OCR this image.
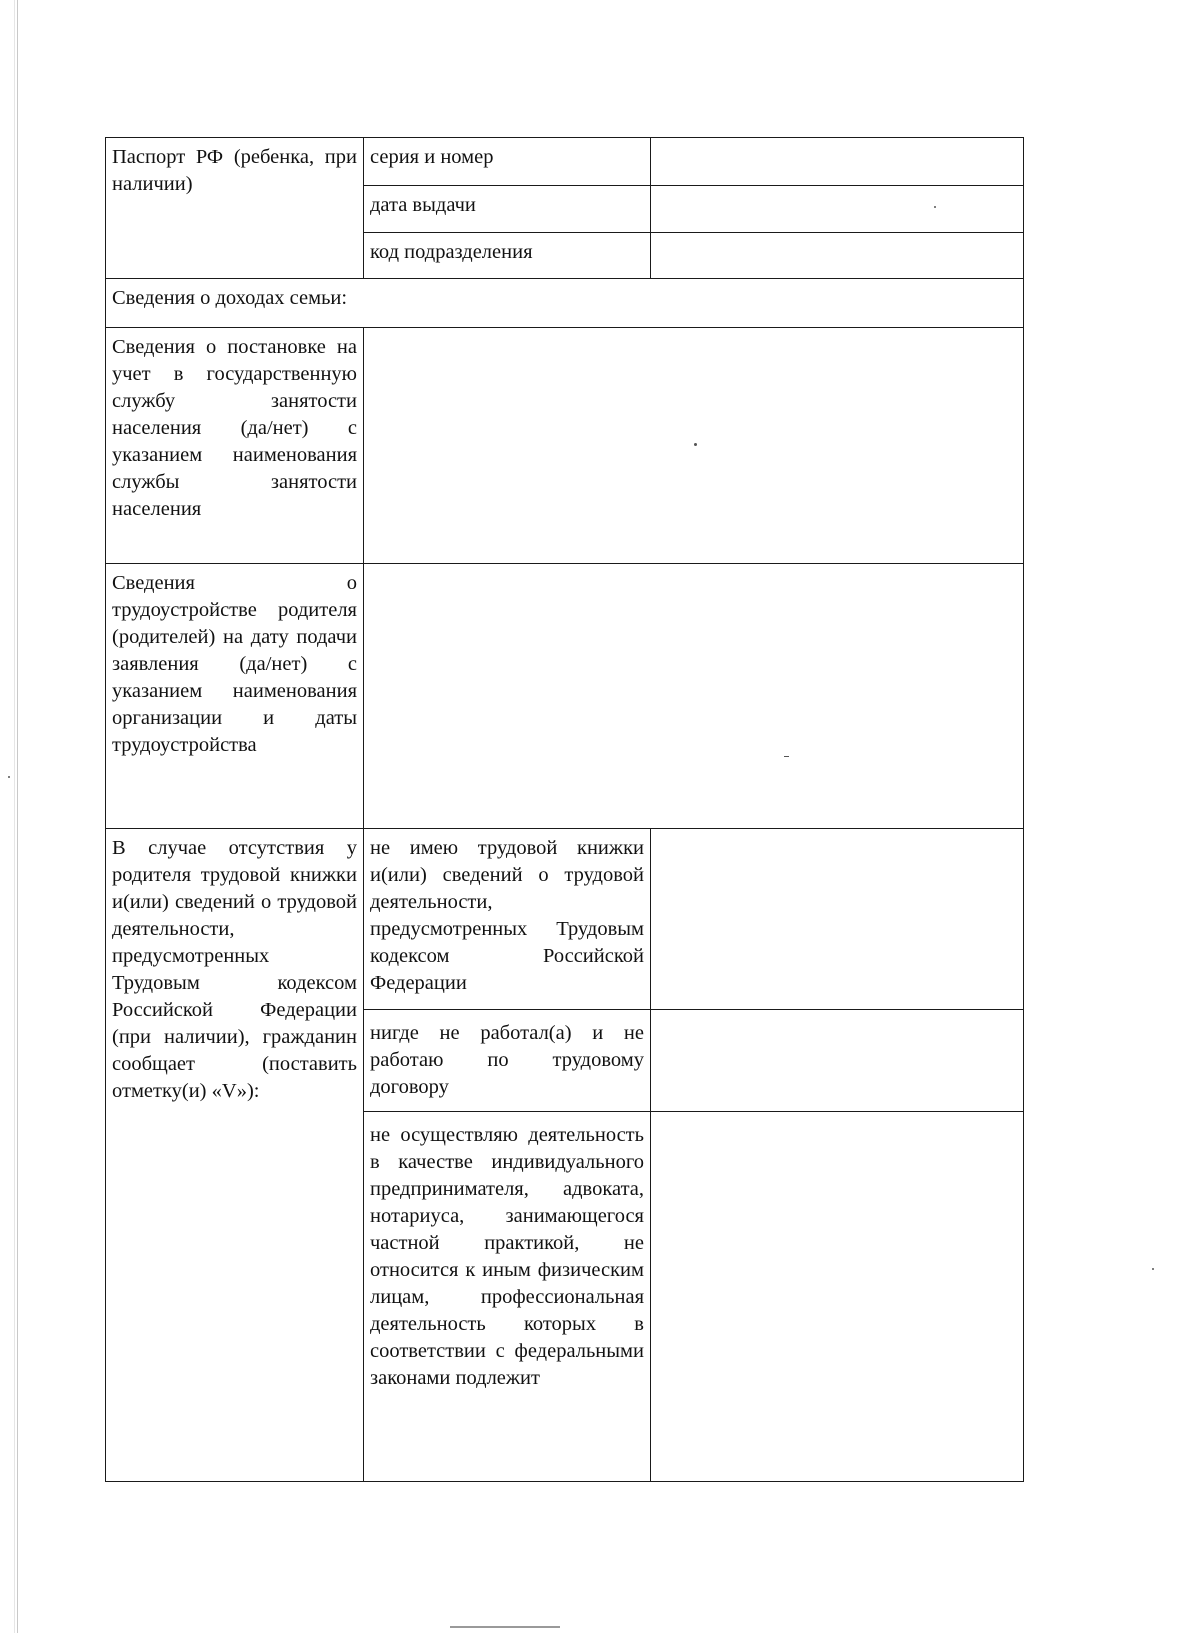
Паспорт РФ (ребенка, при наличии)	серия и номер	
	дата выдачи	
	код подразделения	
Сведения о доходах семьи:		
Сведения о постановке на учет в государственную службу занятости населения (да/нет) с указанием наименования службы занятости населения		
Сведения о трудоустройстве родителя (родителей) на дату подачи заявления (да/нет) с указанием наименования организации и даты трудоустройства		
В случае отсутствия у родителя трудовой книжки и(или) сведений о трудовой деятельности, предусмотренных Трудовым кодексом Российской Федерации (при наличии), гражданин сообщает (поставить отметку(и) «V»):	не имею трудовой книжки и(или) сведений о трудовой деятельности, предусмотренных Трудовым кодексом Российской Федерации	
	нигде не работал(а) и не работаю по трудовому договору	
	не осуществляю деятельность в качестве индивидуального предпринимателя, адвоката, нотариуса, занимающегося частной практикой, не относится к иным физическим лицам, профессиональная деятельность которых в соответствии с федеральными законами подлежит	
